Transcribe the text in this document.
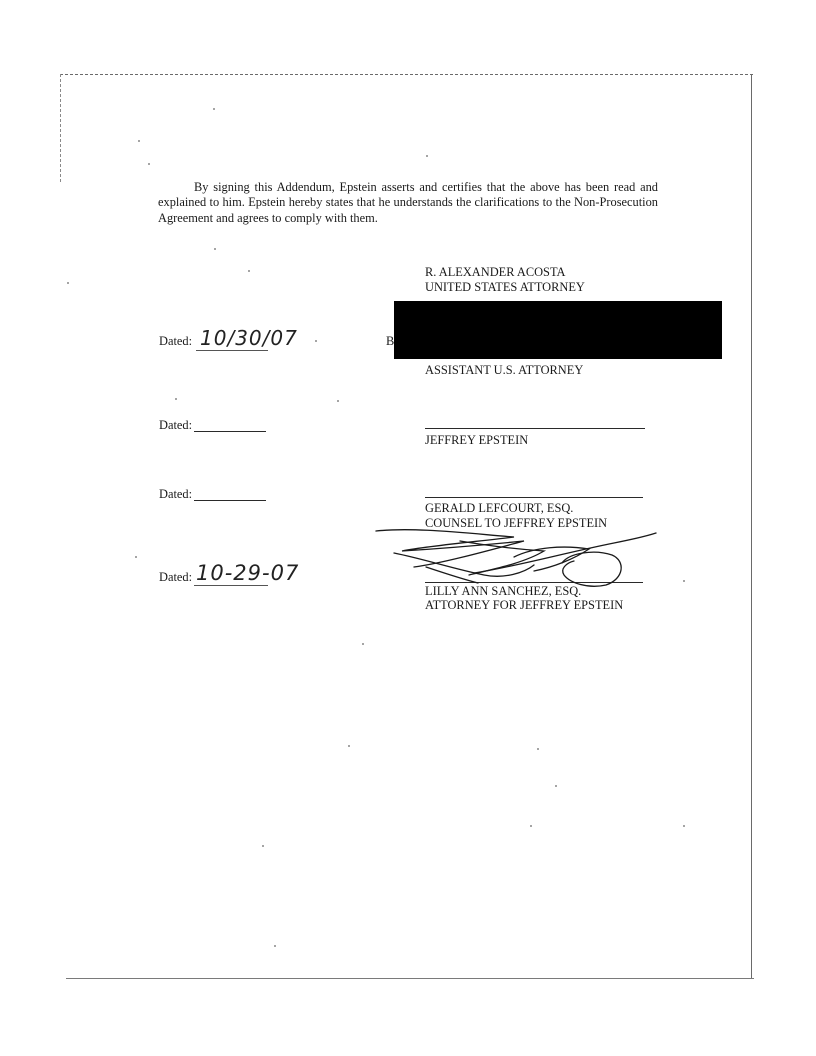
By signing this Addendum, Epstein asserts and certifies that the above has been read and explained to him. Epstein hereby states that he understands the clarifications to the Non-Prosecution Agreement and agrees to comply with them.
R. ALEXANDER ACOSTA
UNITED STATES ATTORNEY
Dated: 10/30/07	B
ASSISTANT U.S. ATTORNEY
Dated:
JEFFREY EPSTEIN
Dated:
GERALD LEFCOURT, ESQ.
COUNSEL TO JEFFREY EPSTEIN
Dated: 10-29-07
LILLY ANN SANCHEZ, ESQ.
ATTORNEY FOR JEFFREY EPSTEIN
